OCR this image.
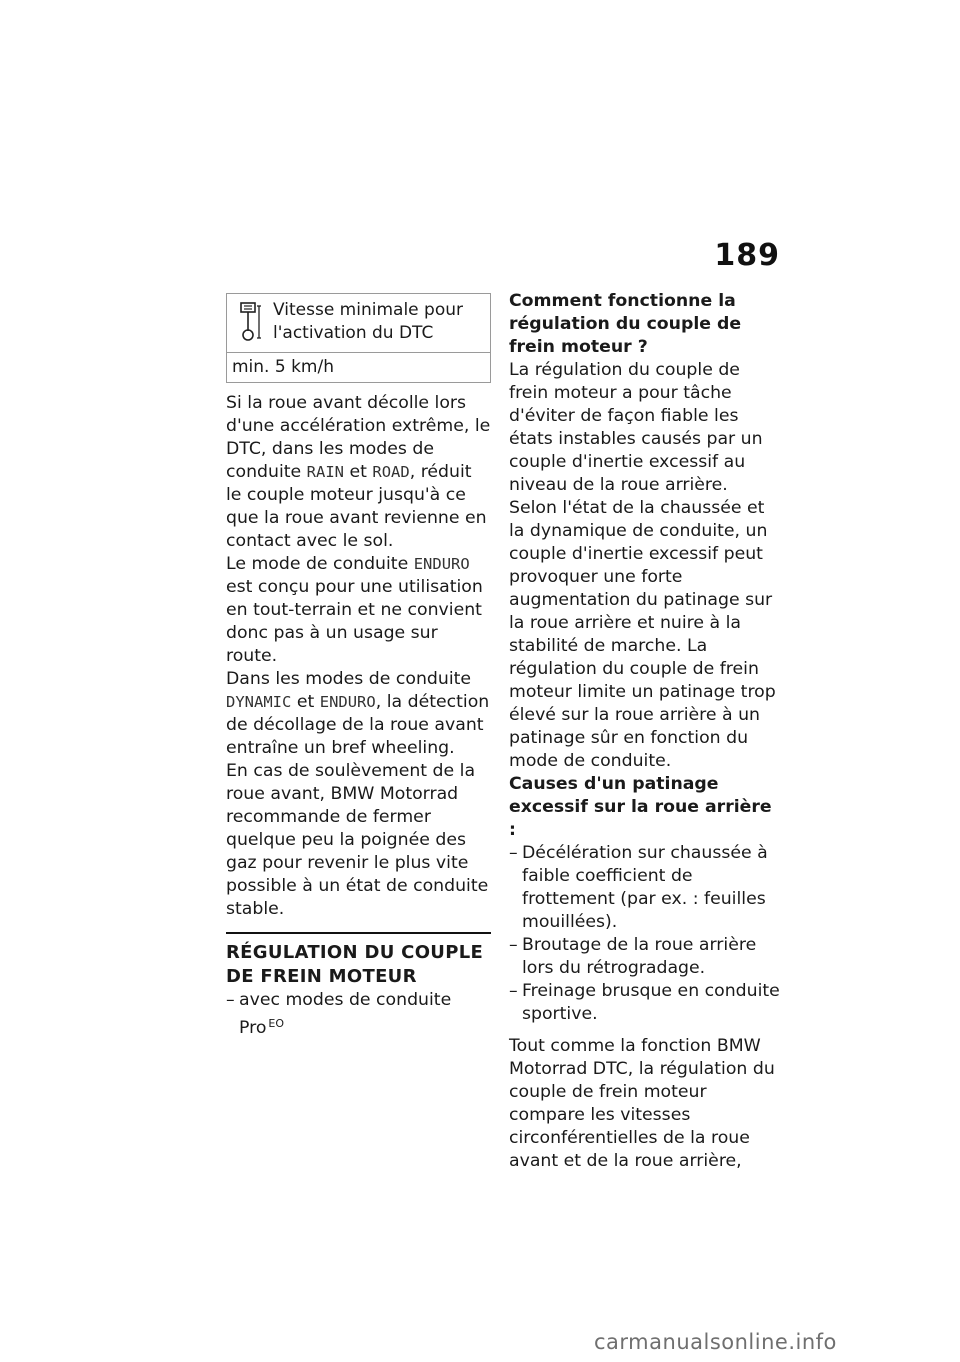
189
Vitesse minimale pour
l'activation du DTC
min. 5 km/h

Si la roue avant décolle lors d'une accélération extrême, le DTC, dans les modes de conduite RAIN et ROAD, réduit le couple moteur jusqu'à ce que la roue avant revienne en contact avec le sol.

Le mode de conduite ENDURO est conçu pour une utilisation en tout-terrain et ne convient donc pas à un usage sur route.

Dans les modes de conduite DYNAMIC et ENDURO, la détection de décollage de la roue avant entraîne un bref wheeling.

En cas de soulèvement de la roue avant, BMW Motorrad recommande de fermer quelque peu la poignée des gaz pour revenir le plus vite possible à un état de conduite stable.

RÉGULATION DU COUPLE DE FREIN MOTEUR
– avec modes de conduite Pro $^{EO}$
Comment fonctionne la régulation du couple de frein moteur ?

La régulation du couple de frein moteur a pour tâche d'éviter de façon fiable les états instables causés par un couple d'inertie excessif au niveau de la roue arrière. Selon l'état de la chaussée et la dynamique de conduite, un couple d'inertie excessif peut provoquer une forte augmentation du patinage sur la roue arrière et nuire à la stabilité de marche. La régulation du couple de frein moteur limite un patinage trop élevé sur la roue arrière à un patinage sûr en fonction du mode de conduite.

Causes d'un patinage excessif sur la roue arrière :
– Décélération sur chaussée à faible coefficient de frottement (par ex. : feuilles mouillées).
– Broutage de la roue arrière lors du rétrogradage.
– Freinage brusque en conduite sportive.

Tout comme la fonction BMW Motorrad DTC, la régulation du couple de frein moteur compare les vitesses circonférentielles de la roue avant et de la roue arrière,

carmanualsonline.info
